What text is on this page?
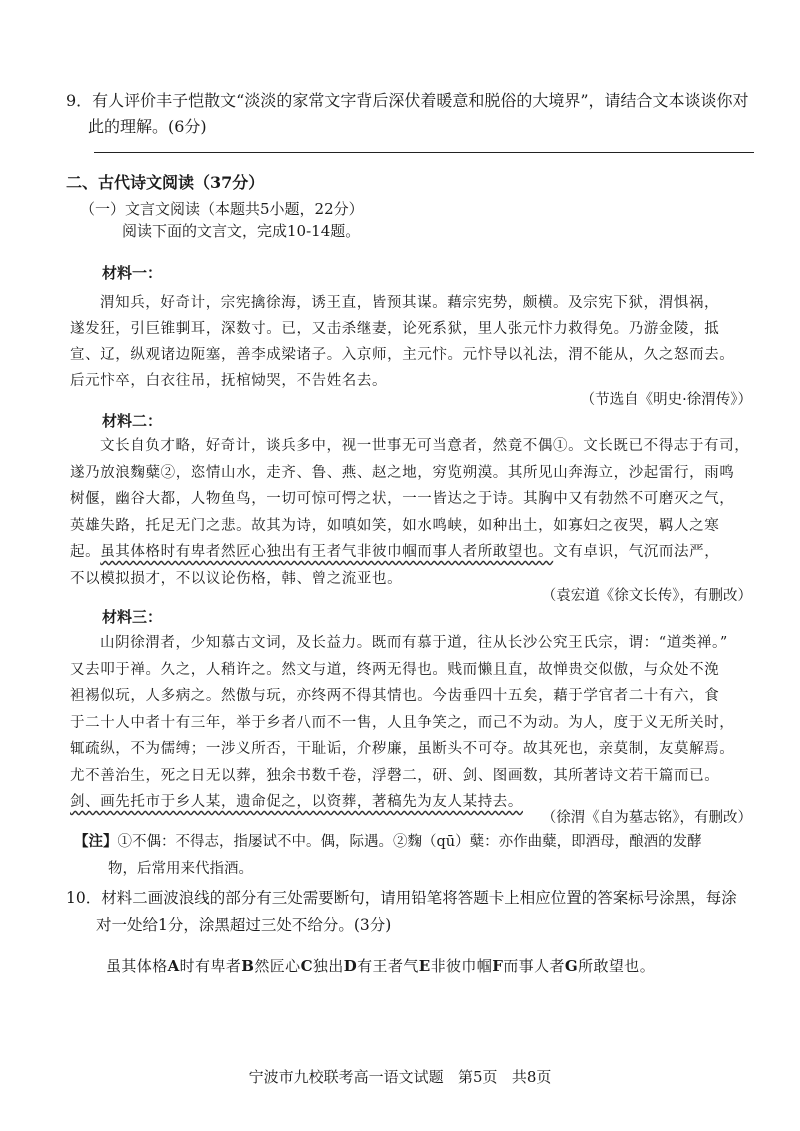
9．有人评价丰子恺散文“淡淡的家常文字背后深伏着暖意和脱俗的大境界”，请结合文本谈谈你对
此的理解。(6分)
二、古代诗文阅读（37分）
（一）文言文阅读（本题共5小题，22分）
阅读下面的文言文，完成10-14题。
材料一：
渭知兵，好奇计，宗宪擒徐海，诱王直，皆预其谋。藉宗宪势，颇横。及宗宪下狱，渭惧祸，
遂发狂，引巨锥剚耳，深数寸。已，又击杀继妻，论死系狱，里人张元忭力救得免。乃游金陵，抵
宣、辽，纵观诸边阨塞，善李成梁诸子。入京师，主元忭。元忭导以礼法，渭不能从，久之怒而去。
后元忭卒，白衣往吊，抚棺恸哭，不告姓名去。
（节选自《明史·徐渭传》）
材料二：
文长自负才略，好奇计，谈兵多中，视一世事无可当意者，然竟不偶①。文长既已不得志于有司，
遂乃放浪麴糵②，恣情山水，走齐、鲁、燕、赵之地，穷览朔漠。其所见山奔海立，沙起雷行，雨鸣
树偃，幽谷大都，人物鱼鸟，一切可惊可愕之状，一一皆达之于诗。其胸中又有勃然不可磨灭之气，
英雄失路，托足无门之悲。故其为诗，如嗔如笑，如水鸣峡，如种出土，如寡妇之夜哭，羁人之寒
起。虽其体格时有卑者然匠心独出有王者气非彼巾帼而事人者所敢望也。文有卓识，气沉而法严，
不以模拟损才，不以议论伤格，韩、曾之流亚也。
（袁宏道《徐文长传》，有删改）
材料三：
山阴徐渭者，少知慕古文词，及长益力。既而有慕于道，往从长沙公究王氏宗，谓：“道类禅。”
又去叩于禅。久之，人稍许之。然文与道，终两无得也。贱而懒且直，故惮贵交似傲，与众处不浼
袒裼似玩，人多病之。然傲与玩，亦终两不得其情也。今齿垂四十五矣，藉于学官者二十有六，食
于二十人中者十有三年，举于乡者八而不一售，人且争笑之，而己不为动。为人，度于义无所关时，
辄疏纵，不为儒缚；一涉义所否，干耻诟，介秽廉，虽断头不可夺。故其死也，亲莫制，友莫解焉。
尤不善治生，死之日无以葬，独余书数千卷，浮磬二，研、剑、图画数，其所著诗文若干篇而已。
剑、画先托市于乡人某，遗命促之，以资葬，著稿先为友人某持去。
（徐渭《自为墓志铭》，有删改）
【注】①不偶：不得志，指屡试不中。偶，际遇。②麴（qū）糵：亦作曲糵，即酒母，酿酒的发酵
物，后常用来代指酒。
10．材料二画波浪线的部分有三处需要断句，请用铅笔将答题卡上相应位置的答案标号涂黑，每涂
对一处给1分，涂黑超过三处不给分。(3分)
虽其体格A时有卑者B然匠心C独出D有王者气E非彼巾帼F而事人者G所敢望也。
宁波市九校联考高一语文试题 第5页 共8页
